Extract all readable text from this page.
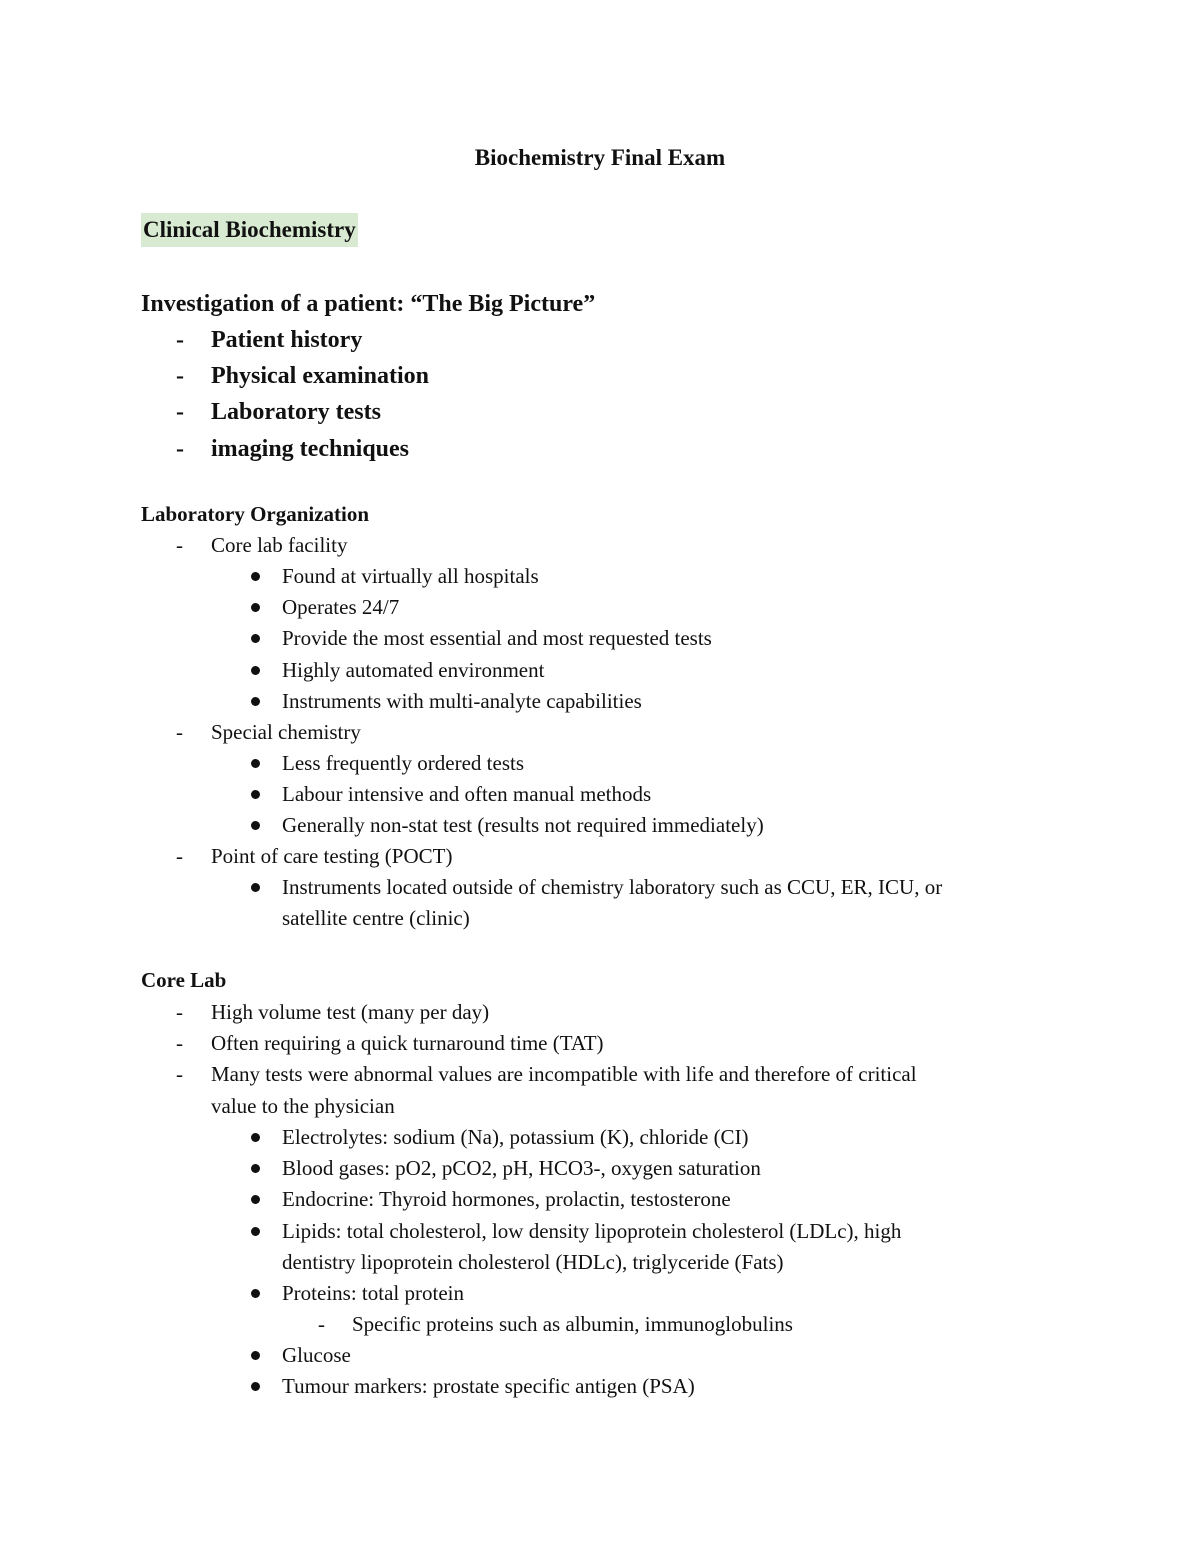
Biochemistry Final Exam
Clinical Biochemistry
Investigation of a patient: “The Big Picture”
- Patient history
- Physical examination
- Laboratory tests
- imaging techniques
Laboratory Organization
- Core lab facility
Found at virtually all hospitals
Operates 24/7
Provide the most essential and most requested tests
Highly automated environment
Instruments with multi-analyte capabilities
- Special chemistry
Less frequently ordered tests
Labour intensive and often manual methods
Generally non-stat test (results not required immediately)
- Point of care testing (POCT)
Instruments located outside of chemistry laboratory such as CCU, ER, ICU, or
satellite centre (clinic)
Core Lab
- High volume test (many per day)
- Often requiring a quick turnaround time (TAT)
- Many tests were abnormal values are incompatible with life and therefore of critical
value to the physician
Electrolytes: sodium (Na), potassium (K), chloride (CI)
Blood gases: pO2, pCO2, pH, HCO3-, oxygen saturation
Endocrine: Thyroid hormones, prolactin, testosterone
Lipids: total cholesterol, low density lipoprotein cholesterol (LDLc), high
dentistry lipoprotein cholesterol (HDLc), triglyceride (Fats)
Proteins: total protein
- Specific proteins such as albumin, immunoglobulins
Glucose
Tumour markers: prostate specific antigen (PSA)
